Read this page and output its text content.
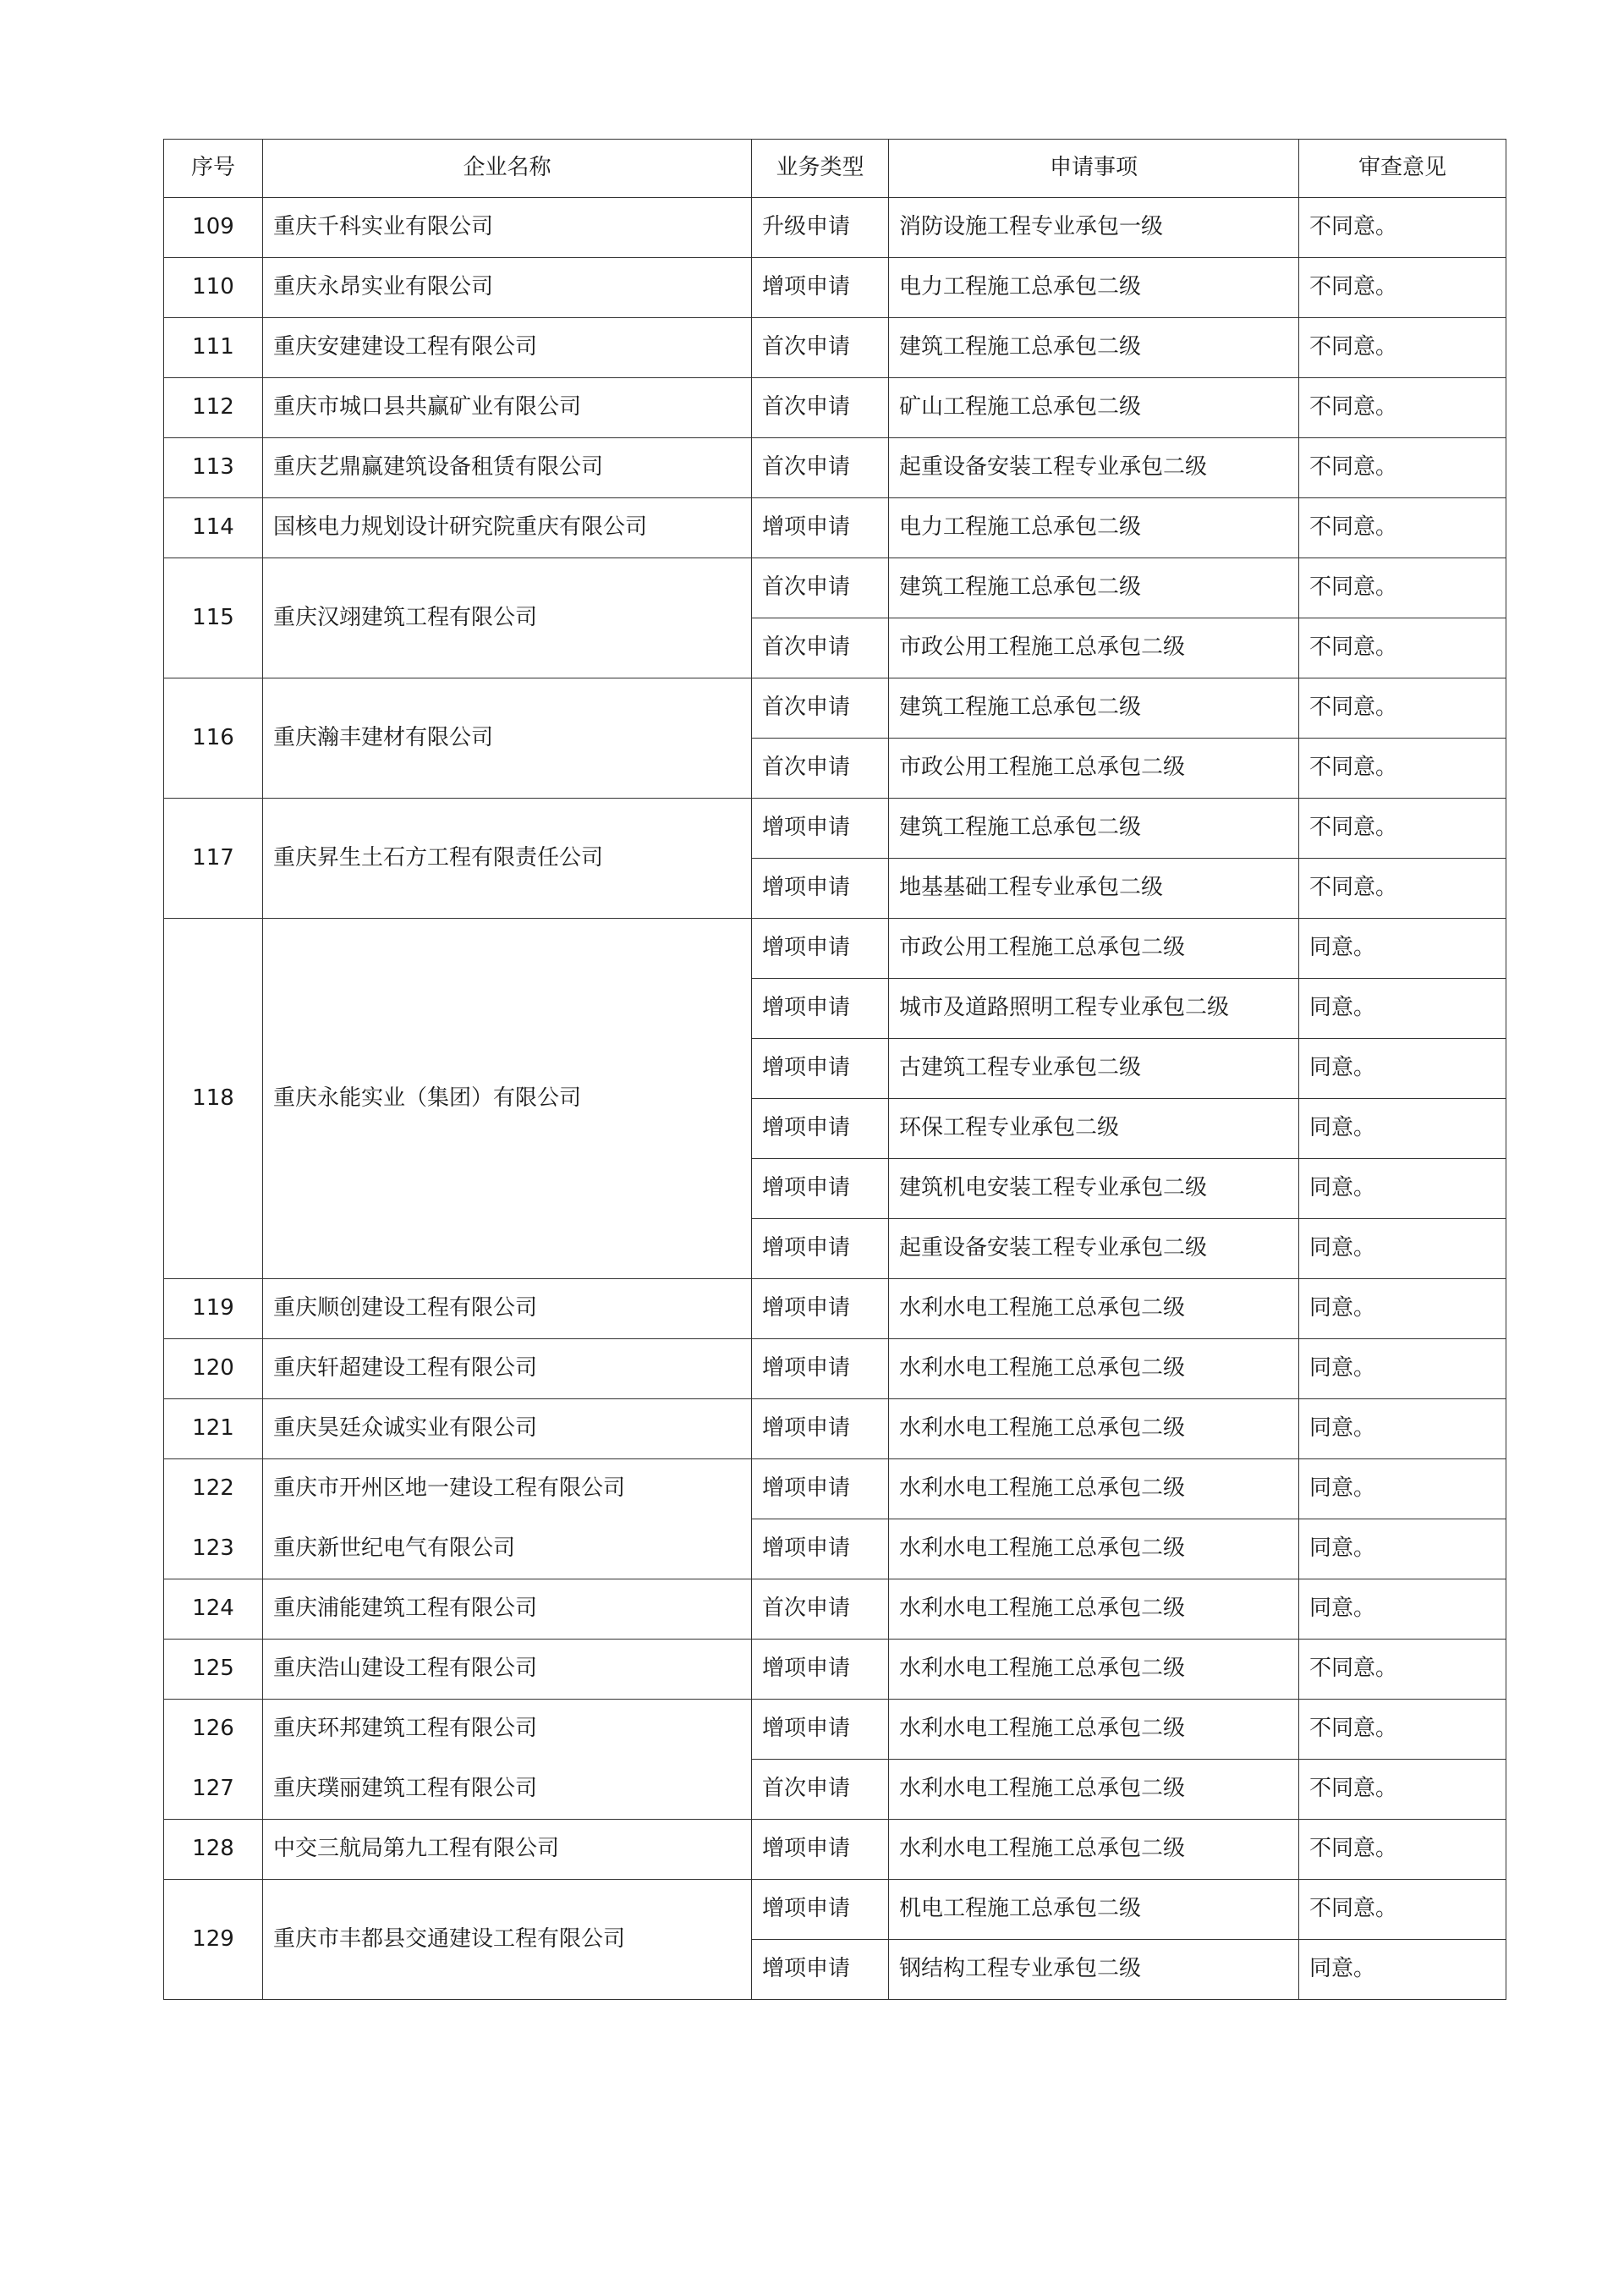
序号	企业名称	业务类型	申请事项	审查意见
109	重庆千科实业有限公司	升级申请	消防设施工程专业承包一级	不同意。
110	重庆永昂实业有限公司	增项申请	电力工程施工总承包二级	不同意。
111	重庆安建建设工程有限公司	首次申请	建筑工程施工总承包二级	不同意。
112	重庆市城口县共赢矿业有限公司	首次申请	矿山工程施工总承包二级	不同意。
113	重庆艺鼎赢建筑设备租赁有限公司	首次申请	起重设备安装工程专业承包二级	不同意。
114	国核电力规划设计研究院重庆有限公司	增项申请	电力工程施工总承包二级	不同意。
115	重庆汉翊建筑工程有限公司	首次申请	建筑工程施工总承包二级	不同意。
		首次申请	市政公用工程施工总承包二级	不同意。
116	重庆瀚丰建材有限公司	首次申请	建筑工程施工总承包二级	不同意。
		首次申请	市政公用工程施工总承包二级	不同意。
117	重庆昇生土石方工程有限责任公司	增项申请	建筑工程施工总承包二级	不同意。
		增项申请	地基基础工程专业承包二级	不同意。
118	重庆永能实业（集团）有限公司	增项申请	市政公用工程施工总承包二级	同意。
		增项申请	城市及道路照明工程专业承包二级	同意。
		增项申请	古建筑工程专业承包二级	同意。
		增项申请	环保工程专业承包二级	同意。
		增项申请	建筑机电安装工程专业承包二级	同意。
		增项申请	起重设备安装工程专业承包二级	同意。
119	重庆顺创建设工程有限公司	增项申请	水利水电工程施工总承包二级	同意。
120	重庆轩超建设工程有限公司	增项申请	水利水电工程施工总承包二级	同意。
121	重庆昊廷众诚实业有限公司	增项申请	水利水电工程施工总承包二级	同意。
122	重庆市开州区地一建设工程有限公司	增项申请	水利水电工程施工总承包二级	同意。
123	重庆新世纪电气有限公司	增项申请	水利水电工程施工总承包二级	同意。
124	重庆浦能建筑工程有限公司	首次申请	水利水电工程施工总承包二级	同意。
125	重庆浩山建设工程有限公司	增项申请	水利水电工程施工总承包二级	不同意。
126	重庆环邦建筑工程有限公司	增项申请	水利水电工程施工总承包二级	不同意。
127	重庆璞丽建筑工程有限公司	首次申请	水利水电工程施工总承包二级	不同意。
128	中交三航局第九工程有限公司	增项申请	水利水电工程施工总承包二级	不同意。
129	重庆市丰都县交通建设工程有限公司	增项申请	机电工程施工总承包二级	不同意。
		增项申请	钢结构工程专业承包二级	同意。
